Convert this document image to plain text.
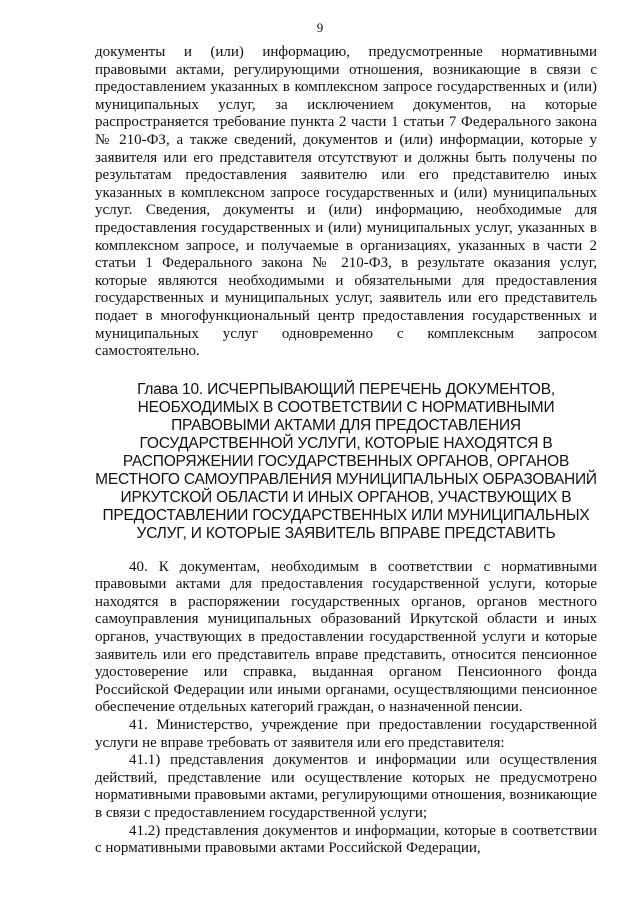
9

документы и (или) информацию, предусмотренные нормативными правовыми актами, регулирующими отношения, возникающие в связи с предоставлением указанных в комплексном запросе государственных и (или) муниципальных услуг, за исключением документов, на которые распространяется требование пункта 2 части 1 статьи 7 Федерального закона № 210-ФЗ, а также сведений, документов и (или) информации, которые у заявителя или его представителя отсутствуют и должны быть получены по результатам предоставления заявителю или его представителю иных указанных в комплексном запросе государственных и (или) муниципальных услуг. Сведения, документы и (или) информацию, необходимые для предоставления государственных и (или) муниципальных услуг, указанных в комплексном запросе, и получаемые в организациях, указанных в части 2 статьи 1 Федерального закона № 210-ФЗ, в результате оказания услуг, которые являются необходимыми и обязательными для предоставления государственных и муниципальных услуг, заявитель или его представитель подает в многофункциональный центр предоставления государственных и муниципальных услуг одновременно с комплексным запросом самостоятельно.

Глава 10. ИСЧЕРПЫВАЮЩИЙ ПЕРЕЧЕНЬ ДОКУМЕНТОВ, НЕОБХОДИМЫХ В СООТВЕТСТВИИ С НОРМАТИВНЫМИ ПРАВОВЫМИ АКТАМИ ДЛЯ ПРЕДОСТАВЛЕНИЯ ГОСУДАРСТВЕННОЙ УСЛУГИ, КОТОРЫЕ НАХОДЯТСЯ В РАСПОРЯЖЕНИИ ГОСУДАРСТВЕННЫХ ОРГАНОВ, ОРГАНОВ МЕСТНОГО САМОУПРАВЛЕНИЯ МУНИЦИПАЛЬНЫХ ОБРАЗОВАНИЙ ИРКУТСКОЙ ОБЛАСТИ И ИНЫХ ОРГАНОВ, УЧАСТВУЮЩИХ В ПРЕДОСТАВЛЕНИИ ГОСУДАРСТВЕННЫХ ИЛИ МУНИЦИПАЛЬНЫХ УСЛУГ, И КОТОРЫЕ ЗАЯВИТЕЛЬ ВПРАВЕ ПРЕДСТАВИТЬ

40. К документам, необходимым в соответствии с нормативными правовыми актами для предоставления государственной услуги, которые находятся в распоряжении государственных органов, органов местного самоуправления муниципальных образований Иркутской области и иных органов, участвующих в предоставлении государственной услуги и которые заявитель или его представитель вправе представить, относится пенсионное удостоверение или справка, выданная органом Пенсионного фонда Российской Федерации или иными органами, осуществляющими пенсионное обеспечение отдельных категорий граждан, о назначенной пенсии.

41. Министерство, учреждение при предоставлении государственной услуги не вправе требовать от заявителя или его представителя:

41.1) представления документов и информации или осуществления действий, представление или осуществление которых не предусмотрено нормативными правовыми актами, регулирующими отношения, возникающие в связи с предоставлением государственной услуги;

41.2) представления документов и информации, которые в соответствии с нормативными правовыми актами Российской Федерации,
